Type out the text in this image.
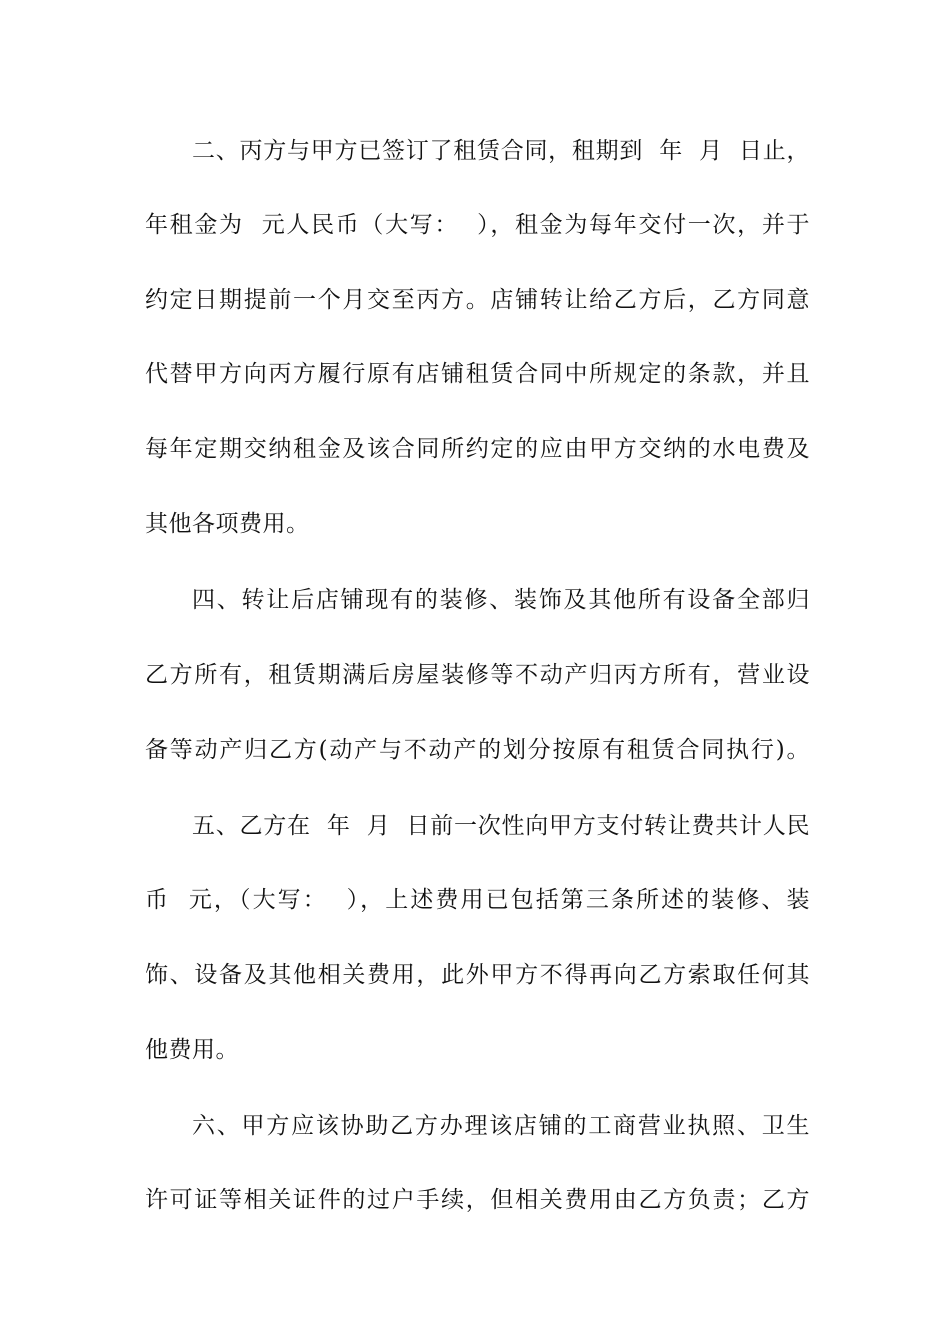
二、丙方与甲方已签订了租赁合同，租期到  年  月  日止，
年租金为  元人民币（大写：  ），租金为每年交付一次，并于
约定日期提前一个月交至丙方。店铺转让给乙方后，乙方同意
代替甲方向丙方履行原有店铺租赁合同中所规定的条款，并且
每年定期交纳租金及该合同所约定的应由甲方交纳的水电费及
其他各项费用。
四、转让后店铺现有的装修、装饰及其他所有设备全部归
乙方所有，租赁期满后房屋装修等不动产归丙方所有，营业设
备等动产归乙方(动产与不动产的划分按原有租赁合同执行)。
五、乙方在  年  月  日前一次性向甲方支付转让费共计人民
币  元，（大写：  ），上述费用已包括第三条所述的装修、装
饰、设备及其他相关费用，此外甲方不得再向乙方索取任何其
他费用。
六、甲方应该协助乙方办理该店铺的工商营业执照、卫生
许可证等相关证件的过户手续，但相关费用由乙方负责；乙方
